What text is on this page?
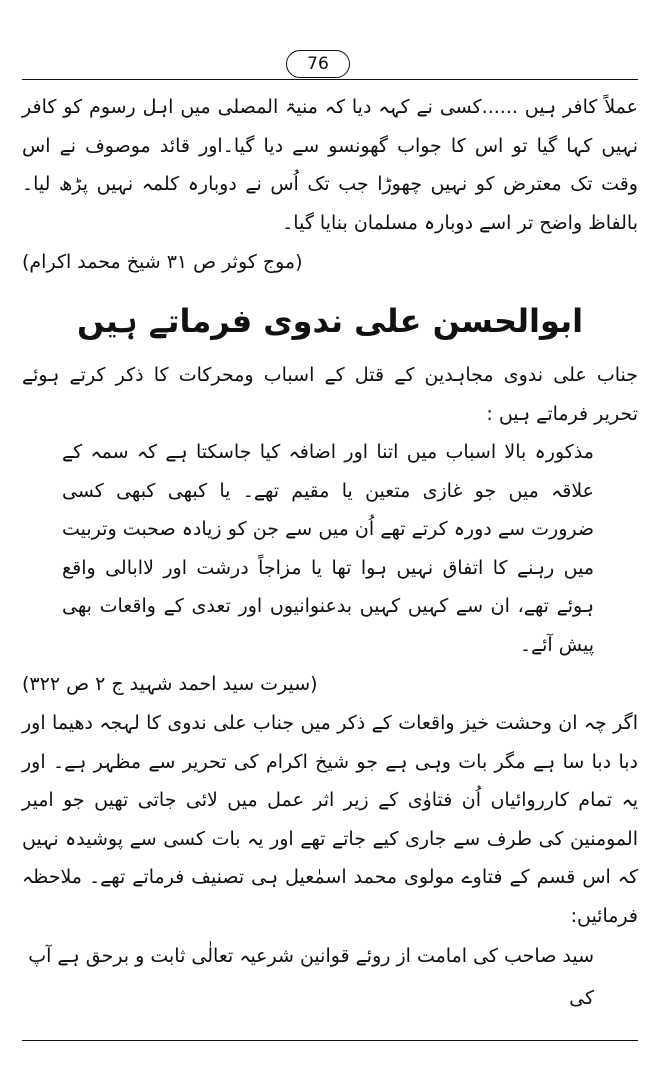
76

عملاً کافر ہیں ......کسی نے کہہ دیا کہ منیۃ المصلی میں اہل رسوم کو کافر نہیں کہا گیا تو اس کا جواب گھونسو سے دیا گیا۔اور قائد موصوف نے اس وقت تک معترض کو نہیں چھوڑا جب تک اُس نے دوبارہ کلمہ نہیں پڑھ لیا۔ بالفاظ واضح تر اسے دوبارہ مسلمان بنایا گیا۔

(موج کوثر ص ۳۱ شیخ محمد اکرام)

ابوالحسن علی ندوی فرماتے ہیں

جناب علی ندوی مجاہدین کے قتل کے اسباب ومحرکات کا ذکر کرتے ہوئے تحریر فرماتے ہیں :

مذکورہ بالا اسباب میں اتنا اور اضافہ کیا جاسکتا ہے کہ سمہ کے علاقہ میں جو غازی متعین یا مقیم تھے۔ یا کبھی کبھی کسی ضرورت سے دورہ کرتے تھے اُن میں سے جن کو زیادہ صحبت وتربیت میں رہنے کا اتفاق نہیں ہوا تھا یا مزاجاً درشت اور لاابالی واقع ہوئے تھے، ان سے کہیں کہیں بدعنوانیوں اور تعدی کے واقعات بھی پیش آئے۔

(سیرت سید احمد شہید ج ۲ ص ۳۲۲)

اگر چہ ان وحشت خیز واقعات کے ذکر میں جناب علی ندوی کا لہجہ دھیما اور دبا دبا سا ہے مگر بات وہی ہے جو شیخ اکرام کی تحریر سے مظہر ہے۔ اور یہ تمام کارروائیاں اُن فتاوٰی کے زیر اثر عمل میں لائی جاتی تھیں جو امیر المومنین کی طرف سے جاری کیے جاتے تھے اور یہ بات کسی سے پوشیدہ نہیں کہ اس قسم کے فتاوے مولوی محمد اسمٰعیل ہی تصنیف فرماتے تھے۔ ملاحظہ فرمائیں:

سید صاحب کی امامت از روئے قوانین شرعیہ تعالٰی ثابت و برحق ہے آپ کی
